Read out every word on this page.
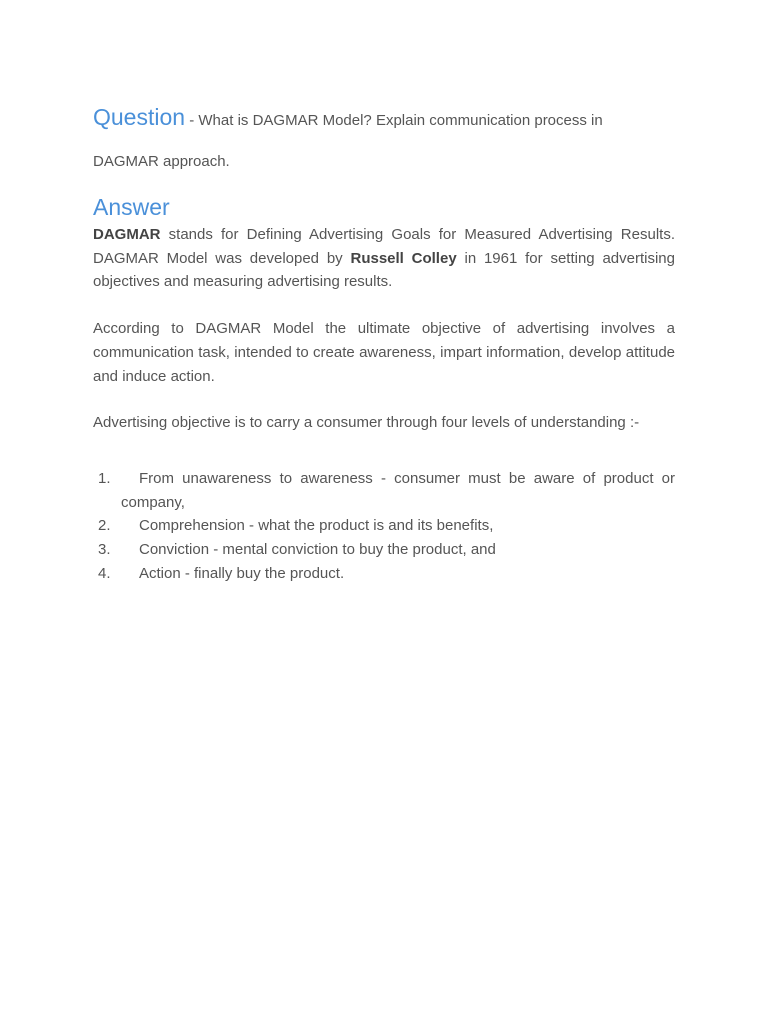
Question - What is DAGMAR Model? Explain communication process in
DAGMAR approach.
Answer

DAGMAR stands for Defining Advertising Goals for Measured Advertising Results. DAGMAR Model was developed by Russell Colley in 1961 for setting advertising objectives and measuring advertising results.

According to DAGMAR Model the ultimate objective of advertising involves a communication task, intended to create awareness, impart information, develop attitude and induce action.

Advertising objective is to carry a consumer through four levels of understanding :-

1. From unawareness to awareness - consumer must be aware of product or company,
2. Comprehension - what the product is and its benefits,
3. Conviction - mental conviction to buy the product, and
4. Action - finally buy the product.
